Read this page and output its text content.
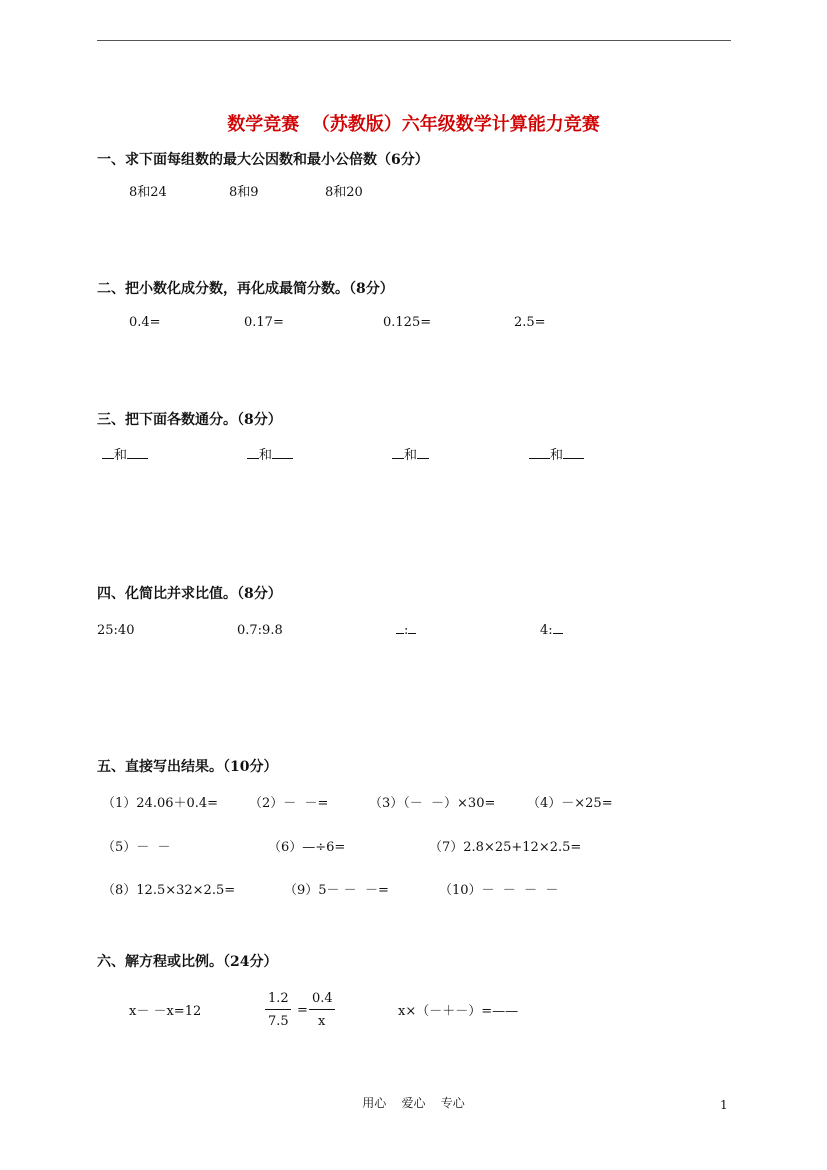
数学竞赛  （苏教版）六年级数学计算能力竞赛
一、求下面每组数的最大公因数和最小公倍数（6分）
8和24	8和9	8和20
二、把小数化成分数，再化成最简分数。（8分）
0.4=	0.17=	0.125=	2.5=
三、把下面各数通分。（8分）
和	和	和	和
四、化简比并求比值。（8分）
25:40	0.7:9.8	:	4:
五、直接写出结果。（10分）
（1）24.06＋0.4= （2）－  －=	（3）（－  －）×30= （4）－×25=
（5）－  －	（6）—÷6=	（7）2.8×25+12×2.5=
（8）12.5×32×2.5=	（9）5－ －  －=	（10）－  －  －  －
六、解方程或比例。（24分）
x－ －x=12
1.2
7.5
=
0.4
x
x×（－＋－）=——
用心    爱心    专心	1
